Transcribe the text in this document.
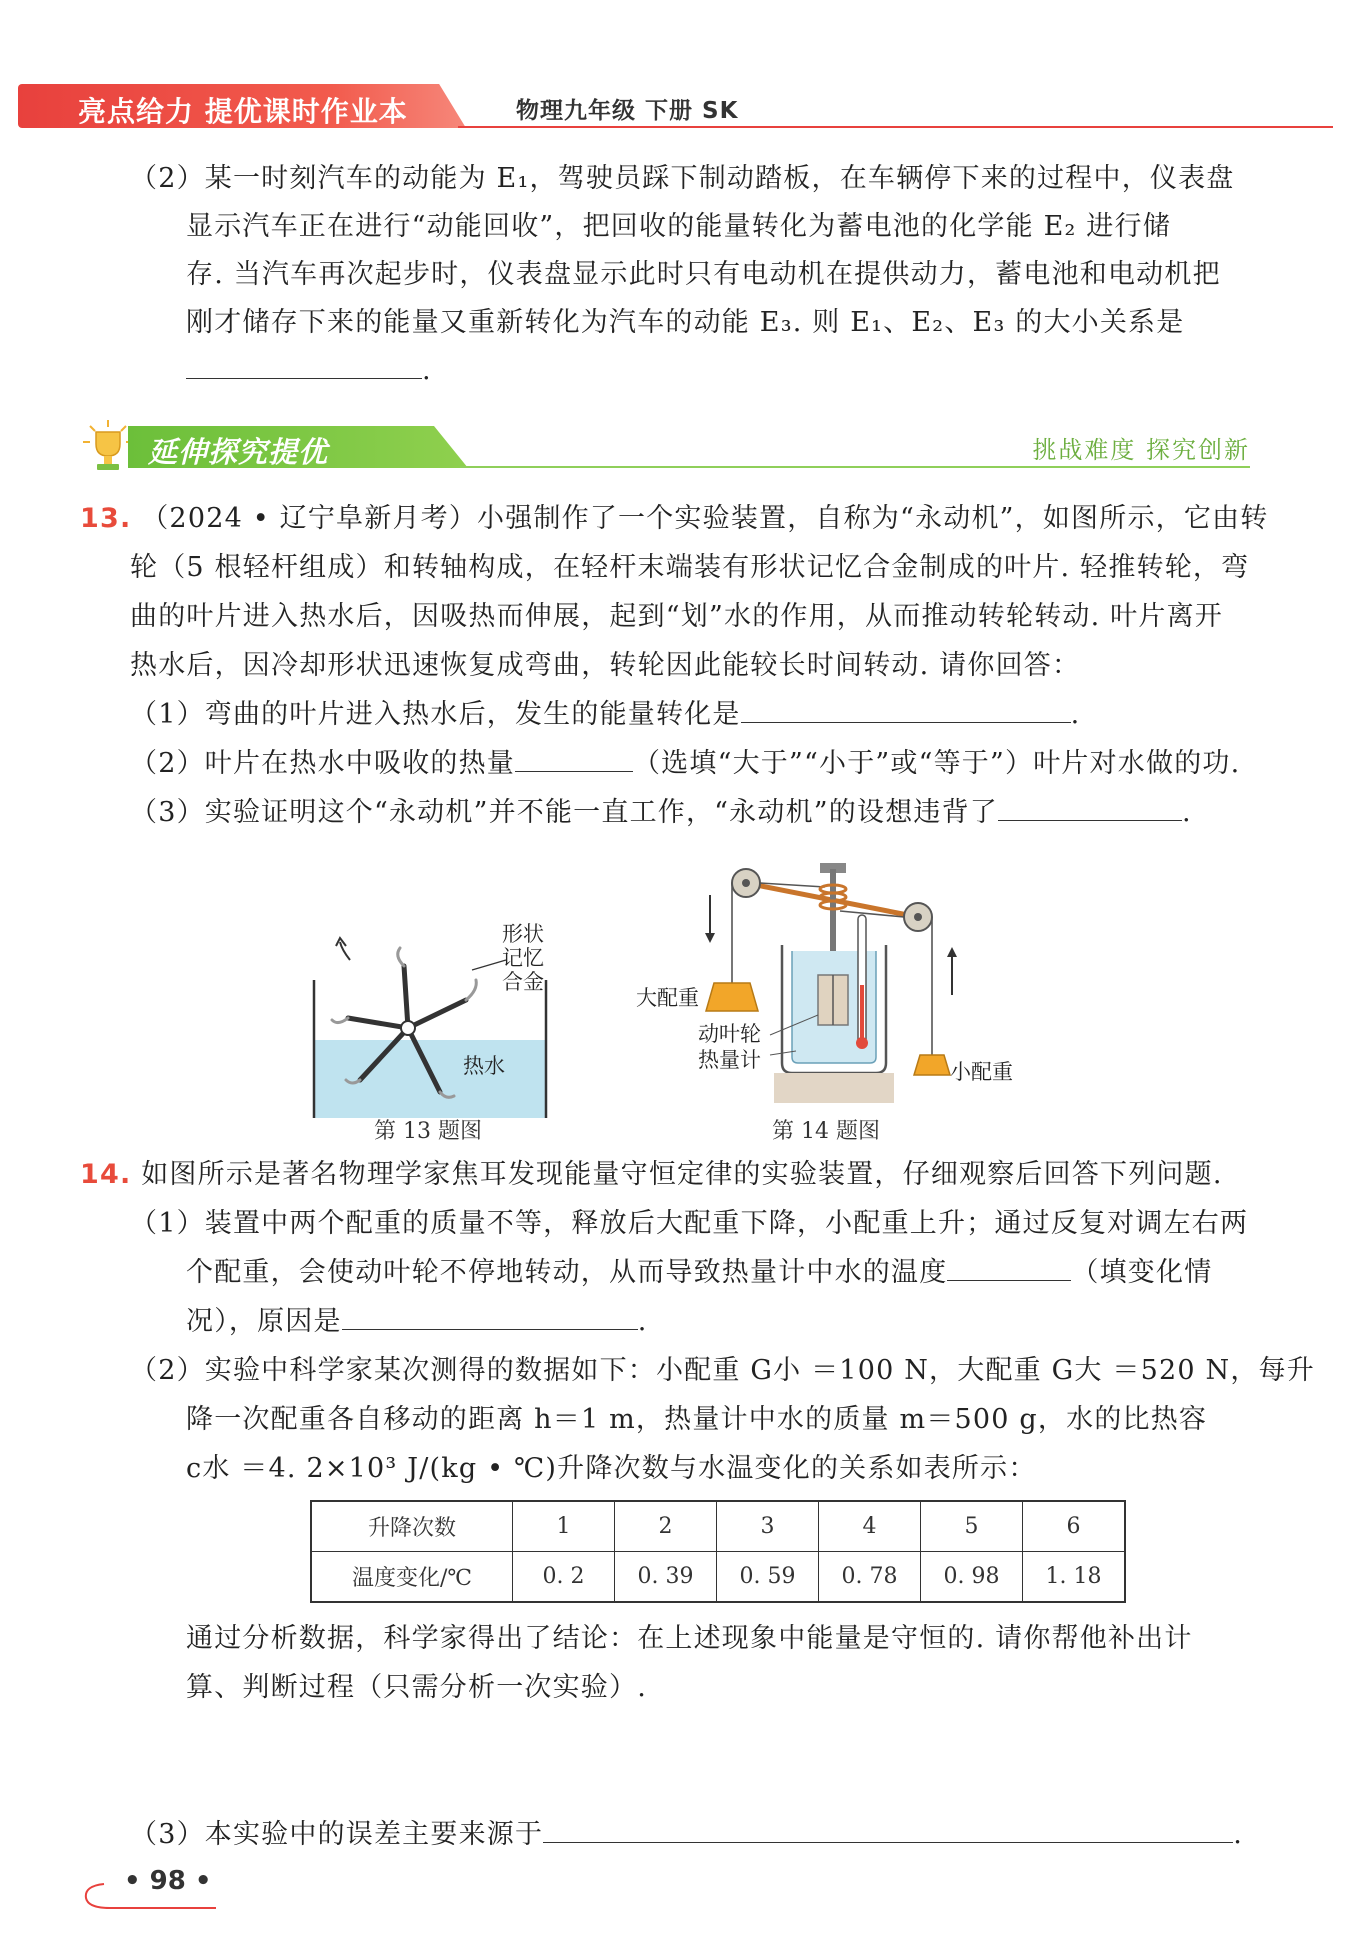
亮点给力 提优课时作业本	物理九年级 下册 SK
（2）某一时刻汽车的动能为 E₁，驾驶员踩下制动踏板，在车辆停下来的过程中，仪表盘
显示汽车正在进行“动能回收”，把回收的能量转化为蓄电池的化学能 E₂ 进行储
存. 当汽车再次起步时，仪表盘显示此时只有电动机在提供动力，蓄电池和电动机把
刚才储存下来的能量又重新转化为汽车的动能 E₃. 则 E₁、E₂、E₃ 的大小关系是
.
延伸探究提优	挑战难度 探究创新
13. （2024 • 辽宁阜新月考）小强制作了一个实验装置，自称为“永动机”，如图所示，它由转
轮（5 根轻杆组成）和转轴构成，在轻杆末端装有形状记忆合金制成的叶片. 轻推转轮，弯
曲的叶片进入热水后，因吸热而伸展，起到“划”水的作用，从而推动转轮转动. 叶片离开
热水后，因冷却形状迅速恢复成弯曲，转轮因此能较长时间转动. 请你回答：
（1）弯曲的叶片进入热水后，发生的能量转化是	.
（2）叶片在热水中吸收的热量	（选填“大于”“小于”或“等于”）叶片对水做的功.
（3）实验证明这个“永动机”并不能一直工作，“永动机”的设想违背了	.
形状
记忆
合金
热水
第 13 题图
大配重
动叶轮
热量计	小配重
第 14 题图
14. 如图所示是著名物理学家焦耳发现能量守恒定律的实验装置，仔细观察后回答下列问题.
（1）装置中两个配重的质量不等，释放后大配重下降，小配重上升；通过反复对调左右两
个配重，会使动叶轮不停地转动，从而导致热量计中水的温度	（填变化情
况），原因是	.
（2）实验中科学家某次测得的数据如下：小配重 G小 ＝100 N，大配重 G大 ＝520 N，每升
降一次配重各自移动的距离 h＝1 m，热量计中水的质量 m＝500 g，水的比热容
c水 ＝4. 2×10³ J/(kg • ℃)升降次数与水温变化的关系如表所示：
升降次数	1	2	3	4	5	6
温度变化/℃	0. 2	0. 39	0. 59	0. 78	0. 98	1. 18
通过分析数据，科学家得出了结论：在上述现象中能量是守恒的. 请你帮他补出计
算、判断过程（只需分析一次实验）.
（3）本实验中的误差主要来源于	.
• 98 •
